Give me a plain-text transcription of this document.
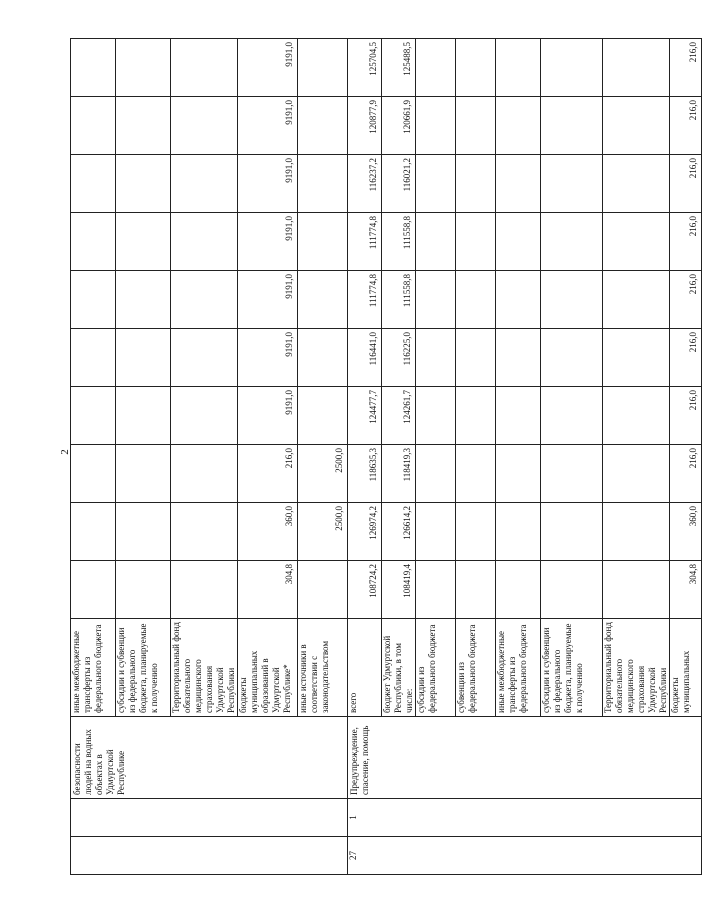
2
		безопасности людей на водных объектах в Удмуртской Республике	иные межбюджетные трансферты из федерального бюджета										
			субсидии и субвенции из федерального бюджета, планируемые к получению										
			Территориальный фонд обязательного медицинского страхования Удмуртской Республики										
			бюджеты муниципальных образований в Удмуртской Республике*	304,8	360,0	216,0	9191,0	9191,0	9191,0	9191,0	9191,0	9191,0	9191,0
			иные источники в соответствии с законодательством		2500,0	2500,0							
27	1	Предупреждение, спасение, помощь	всего	108724,2	126974,2	118635,3	124477,7	116441,0	111774,8	111774,8	116237,2	120877,9	125704,5
			бюджет Удмуртской Республики, в том числе:	108419,4	126614,2	118419,3	124261,7	116225,0	111558,8	111558,8	116021,2	120661,9	125488,5
			субсидии из федерального бюджета										
			субвенции из федерального бюджета										
			иные межбюджетные трансферты из федерального бюджета										
			субсидии и субвенции из федерального бюджета, планируемые к получению										
			Территориальный фонд обязательного медицинского страхования Удмуртской Республики										
			бюджеты муниципальных	304,8	360,0	216,0	216,0	216,0	216,0	216,0	216,0	216,0	216,0
